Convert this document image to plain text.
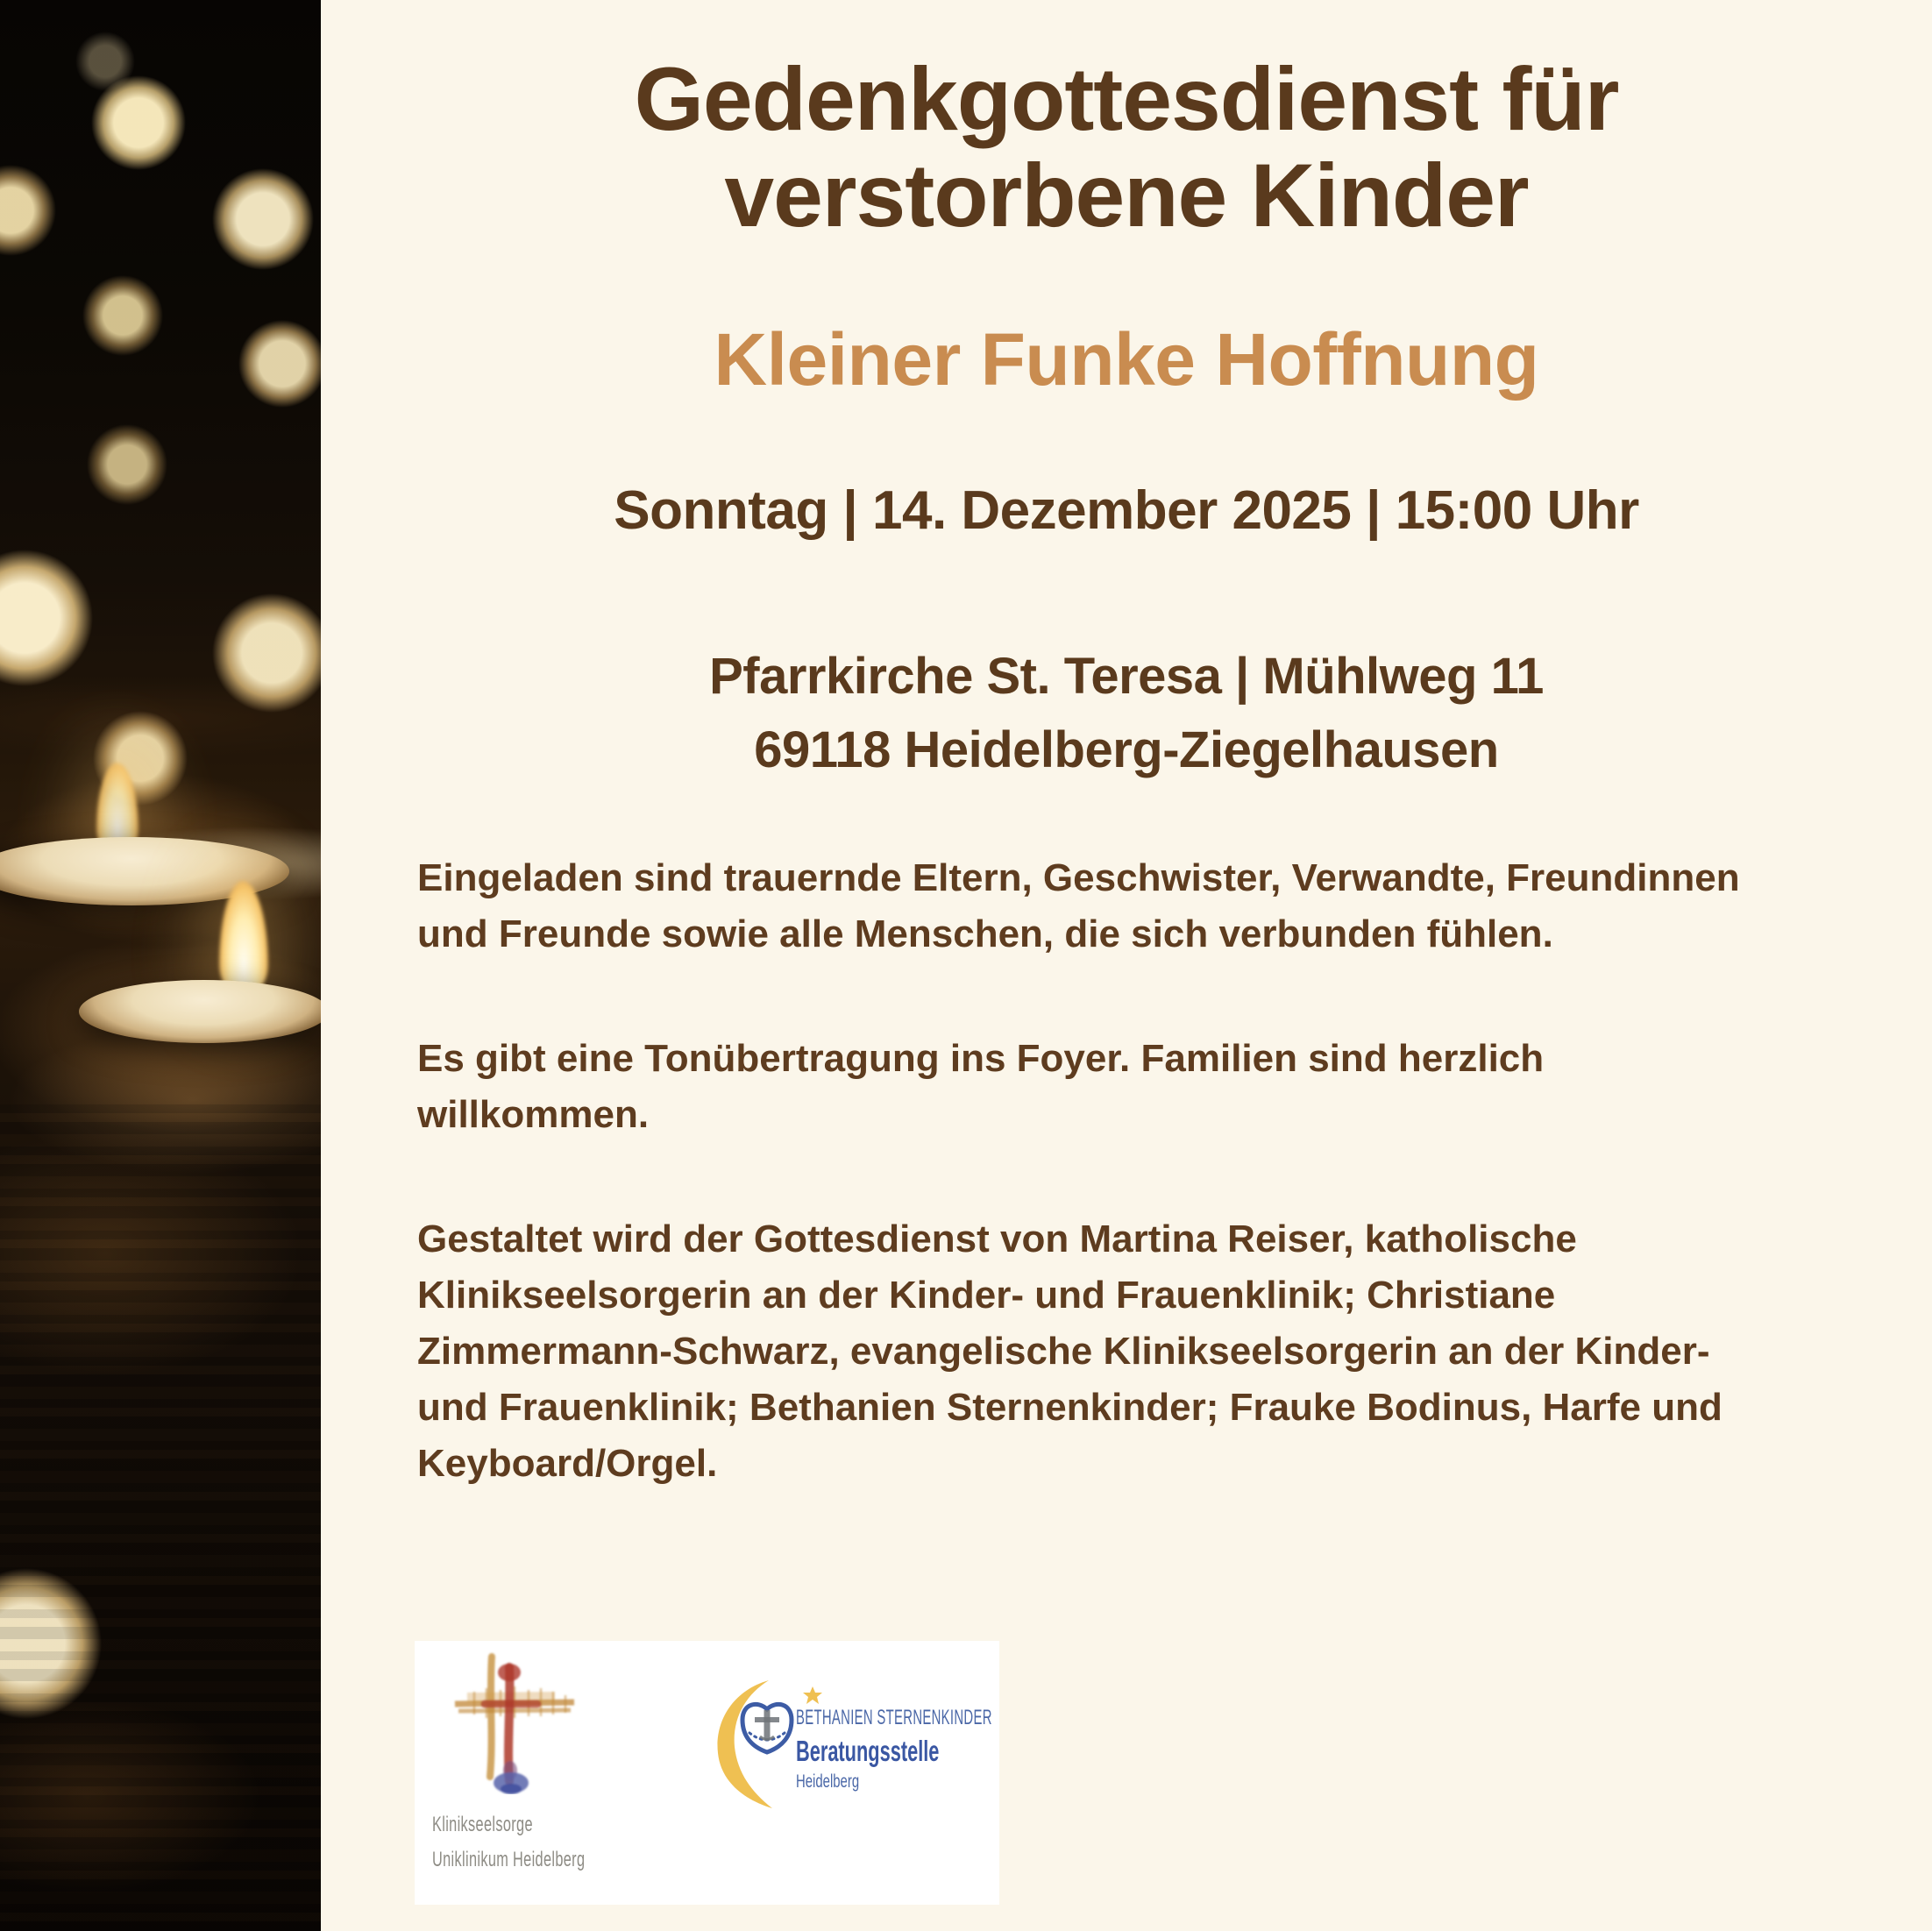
Gedenkgottesdienst für
verstorbene Kinder
Kleiner Funke Hoffnung
Sonntag | 14. Dezember 2025 | 15:00 Uhr
Pfarrkirche St. Teresa | Mühlweg 11
69118 Heidelberg-Ziegelhausen

Eingeladen sind trauernde Eltern, Geschwister, Verwandte, Freundinnen und Freunde sowie alle Menschen, die sich verbunden fühlen.

Es gibt eine Tonübertragung ins Foyer. Familien sind herzlich willkommen.

Gestaltet wird der Gottesdienst von Martina Reiser, katholische Klinikseelsorgerin an der Kinder- und Frauenklinik; Christiane Zimmermann-Schwarz, evangelische Klinikseelsorgerin an der Kinder- und Frauenklinik; Bethanien Sternenkinder; Frauke Bodinus, Harfe und Keyboard/Orgel.

Klinikseelsorge
Uniklinikum Heidelberg
BETHANIEN STERNENKINDER
Beratungsstelle
Heidelberg
